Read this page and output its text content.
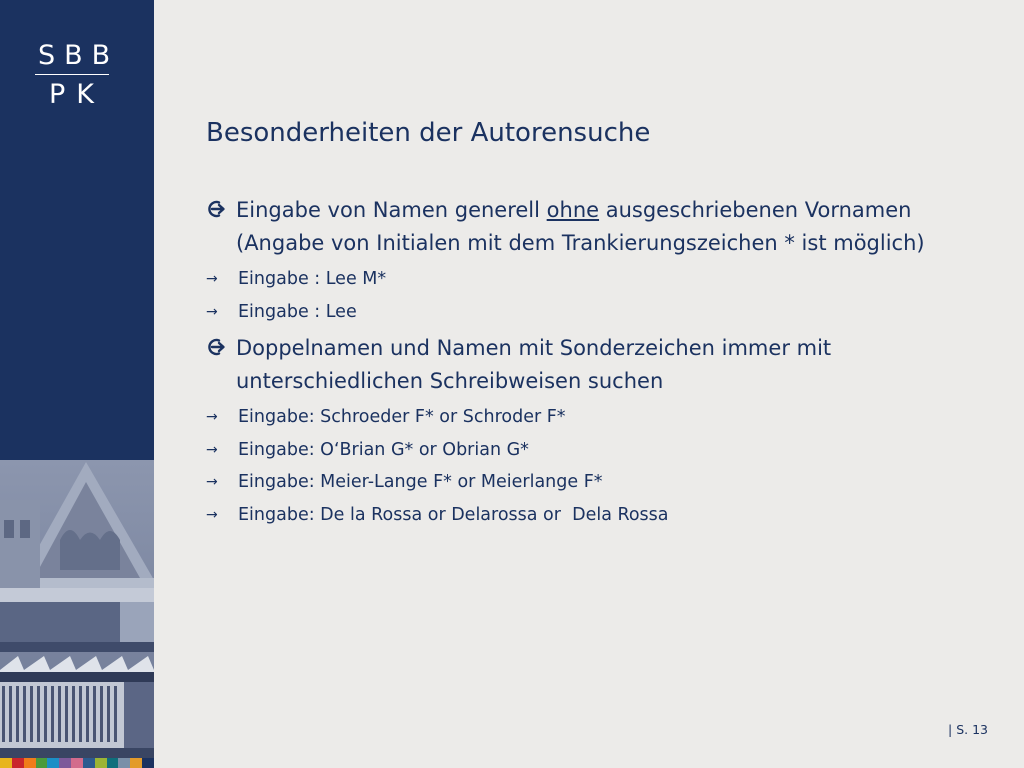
SBB
PK
Besonderheiten der Autorensuche
Eingabe von Namen generell ohne ausgeschriebenen Vornamen (Angabe von Initialen mit dem Trankierungszeichen * ist möglich)
→ Eingabe : Lee M*
→ Eingabe : Lee
Doppelnamen und Namen mit Sonderzeichen immer mit unterschiedlichen Schreibweisen suchen
→ Eingabe: Schroeder F* or Schroder F*
→ Eingabe: O‘Brian G* or Obrian G*
→ Eingabe: Meier-Lange F* or Meierlange F*
→ Eingabe: De la Rossa or Delarossa or  Dela Rossa
| S. 13
